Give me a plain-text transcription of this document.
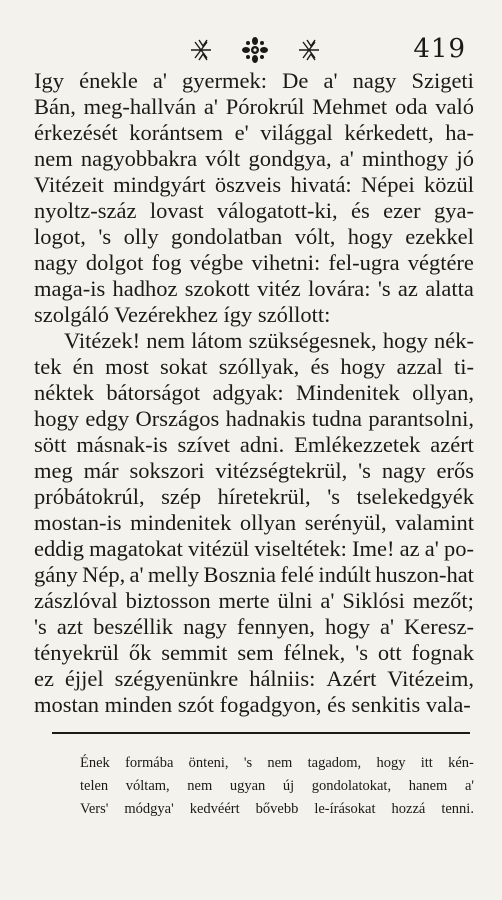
419
Igy énekle a' gyermek: De a' nagy Szigeti
Bán, meg-hallván a' Pórokrúl Mehmet oda való
érkezését korántsem e' világgal kérkedett, ha-
nem nagyobbakra vólt gondgya, a' minthogy jó
Vitézeit mindgyárt öszveis hivatá: Népei közül
nyoltz-száz lovast válogatott-ki, és ezer gya-
logot, 's olly gondolatban vólt, hogy ezekkel
nagy dolgot fog végbe vihetni: fel-ugra végtére
maga-is hadhoz szokott vitéz lovára: 's az alatta
szolgáló Vezérekhez így szóllott:
Vitézek! nem látom szükségesnek, hogy nék-
tek én most sokat szóllyak, és hogy azzal ti-
néktek bátorságot adgyak: Mindenitek ollyan,
hogy edgy Országos hadnakis tudna parantsolni,
sött másnak-is szívet adni. Emlékezzetek azért
meg már sokszori vitézségtekrül, 's nagy erős
próbátokrúl, szép híretekrül, 's tselekedgyék
mostan-is mindenitek ollyan serényül, valamint
eddig magatokat vitézül viseltétek: Ime! az a' po-
gány Nép, a' melly Bosznia felé indúlt huszon-hat
zászlóval biztosson merte ülni a' Siklósi mezőt;
's azt beszéllik nagy fennyen, hogy a' Keresz-
tényekrül ők semmit sem félnek, 's ott fognak
ez éjjel szégyenünkre hálniis: Azért Vitézeim,
mostan minden szót fogadgyon, és senkitis vala-
Ének formába önteni, 's nem tagadom, hogy itt kén-
telen vóltam, nem ugyan új gondolatokat, hanem a'
Vers' módgya' kedvéért bővebb le-írásokat hozzá tenni.
